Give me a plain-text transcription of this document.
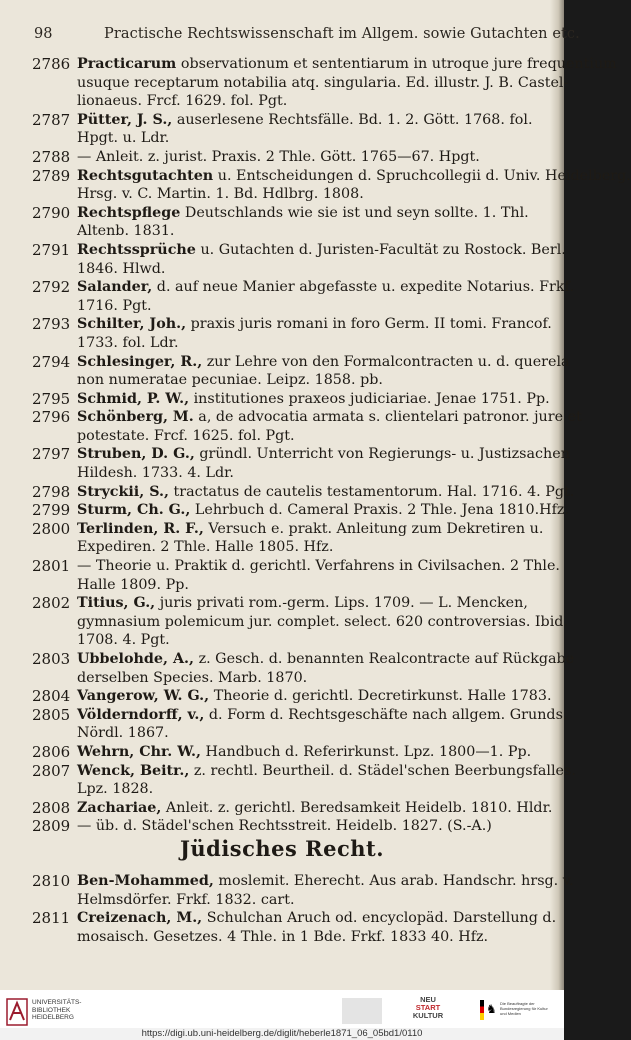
98	Practische Rechtswissenschaft im Allgem. sowie Gutachten etc.
2786 Practicarum observationum et sententiarum in utroque jure frequentium
usuque receptarum notabilia atq. singularia. Ed. illustr. J. B. Castel-
lionaeus. Frcf. 1629. fol. Pgt.
2787 Pütter, J. S., auserlesene Rechtsfälle. Bd. 1. 2. Gött. 1768. fol.
Hpgt. u. Ldr.
2788 — Anleit. z. jurist. Praxis. 2 Thle. Gött. 1765—67. Hpgt.
2789 Rechtsgutachten u. Entscheidungen d. Spruchcollegii d. Univ. Heidelberg.
Hrsg. v. C. Martin. 1. Bd. Hdlbrg. 1808.
2790 Rechtspflege Deutschlands wie sie ist und seyn sollte. 1. Thl.
Altenb. 1831.
2791 Rechtssprüche u. Gutachten d. Juristen-Facultät zu Rostock. Berl.
1846. Hlwd.
2792 Salander, d. auf neue Manier abgefasste u. expedite Notarius. Frkf.
1716. Pgt.
2793 Schilter, Joh., praxis juris romani in foro Germ. II tomi. Francof.
1733. fol. Ldr.
2794 Schlesinger, R., zur Lehre von den Formalcontracten u. d. querela
non numeratae pecuniae. Leipz. 1858. pb.
2795 Schmid, P. W., institutiones praxeos judiciariae. Jenae 1751. Pp.
2796 Schönberg, M. a, de advocatia armata s. clientelari patronor. jure et
potestate. Frcf. 1625. fol. Pgt.
2797 Struben, D. G., gründl. Unterricht von Regierungs- u. Justizsachen
Hildesh. 1733. 4. Ldr.
2798 Stryckii, S., tractatus de cautelis testamentorum. Hal. 1716. 4. Pgt.
2799 Sturm, Ch. G., Lehrbuch d. Cameral Praxis. 2 Thle. Jena 1810.Hfz.
2800 Terlinden, R. F., Versuch e. prakt. Anleitung zum Dekretiren u.
Expediren. 2 Thle. Halle 1805. Hfz.
2801 — Theorie u. Praktik d. gerichtl. Verfahrens in Civilsachen. 2 Thle.
Halle 1809. Pp.
2802 Titius, G., juris privati rom.-germ. Lips. 1709. — L. Mencken,
gymnasium polemicum jur. complet. select. 620 controversias. Ibid.
1708. 4. Pgt.
2803 Ubbelohde, A., z. Gesch. d. benannten Realcontracte auf Rückgabe
derselben Species. Marb. 1870.
2804 Vangerow, W. G., Theorie d. gerichtl. Decretirkunst. Halle 1783.
2805 Völderndorff, v., d. Form d. Rechtsgeschäfte nach allgem. Grunds.
Nördl. 1867.
2806 Wehrn, Chr. W., Handbuch d. Referirkunst. Lpz. 1800—1. Pp.
2807 Wenck, Beitr., z. rechtl. Beurtheil. d. Städel'schen Beerbungsfalles.
Lpz. 1828.
2808 Zachariae, Anleit. z. gerichtl. Beredsamkeit Heidelb. 1810. Hldr.
2809 — üb. d. Städel'schen Rechtsstreit. Heidelb. 1827. (S.-A.)
Jüdisches Recht.
2810 Ben-Mohammed, moslemit. Eherecht. Aus arab. Handschr. hrsg. v.
Helmsdörfer. Frkf. 1832. cart.
2811 Creizenach, M., Schulchan Aruch od. encyclopäd. Darstellung d.
mosaisch. Gesetzes. 4 Thle. in 1 Bde. Frkf. 1833 40. Hfz.
UNIVERSITÄTS-
BIBLIOTHEK
HEIDELBERG
NEU
START
KULTUR	♞ Die Beauftragte der Bundesregierung für Kultur und Medien
https://digi.ub.uni-heidelberg.de/diglit/heberle1871_06_05bd1/0110
